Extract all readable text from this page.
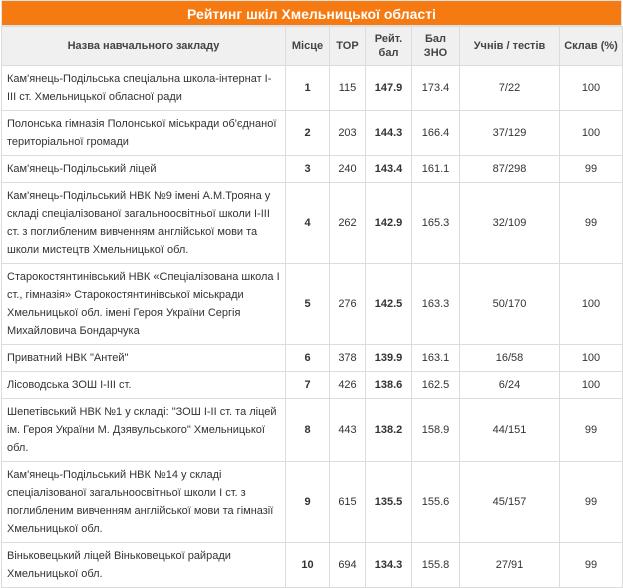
Рейтинг шкіл Хмельницької області
Назва навчального закладу	Місце	TOP	Рейт. бал	Бал ЗНО	Учнів / тестів	Склав (%)
Кам'янець-Подільська спеціальна школа-інтернат І-ІІІ ст. Хмельницької обласної ради	1	115	147.9	173.4	7/22	100
Полонська гімназія Полонської міськради об'єднаної територіальної громади	2	203	144.3	166.4	37/129	100
Кам'янець-Подільський ліцей	3	240	143.4	161.1	87/298	99
Кам'янець-Подільський НВК №9 імені А.М.Трояна у складі спеціалізованої загальноосвітньої школи І-ІІІ ст. з поглибленим вивченням англійської мови та школи мистецтв Хмельницької обл.	4	262	142.9	165.3	32/109	99
Старокостянтинівський НВК «Спеціалізована школа І ст., гімназія» Старокостянтинівської міськради Хмельницької обл. імені Героя України Сергія Михайловича Бондарчука	5	276	142.5	163.3	50/170	100
Приватний НВК "Антей"	6	378	139.9	163.1	16/58	100
Лісоводська ЗОШ І-ІІІ ст.	7	426	138.6	162.5	6/24	100
Шепетівський НВК №1 у складі: "ЗОШ І-ІІ ст. та ліцей ім. Героя України М. Дзявульського" Хмельницької обл.	8	443	138.2	158.9	44/151	99
Кам'янець-Подільський НВК №14 у складі спеціалізованої загальноосвітньої школи І ст. з поглибленим вивченням англійської мови та гімназії Хмельницької обл.	9	615	135.5	155.6	45/157	99
Віньковецький ліцей Віньковецької райради Хмельницької обл.	10	694	134.3	155.8	27/91	99
